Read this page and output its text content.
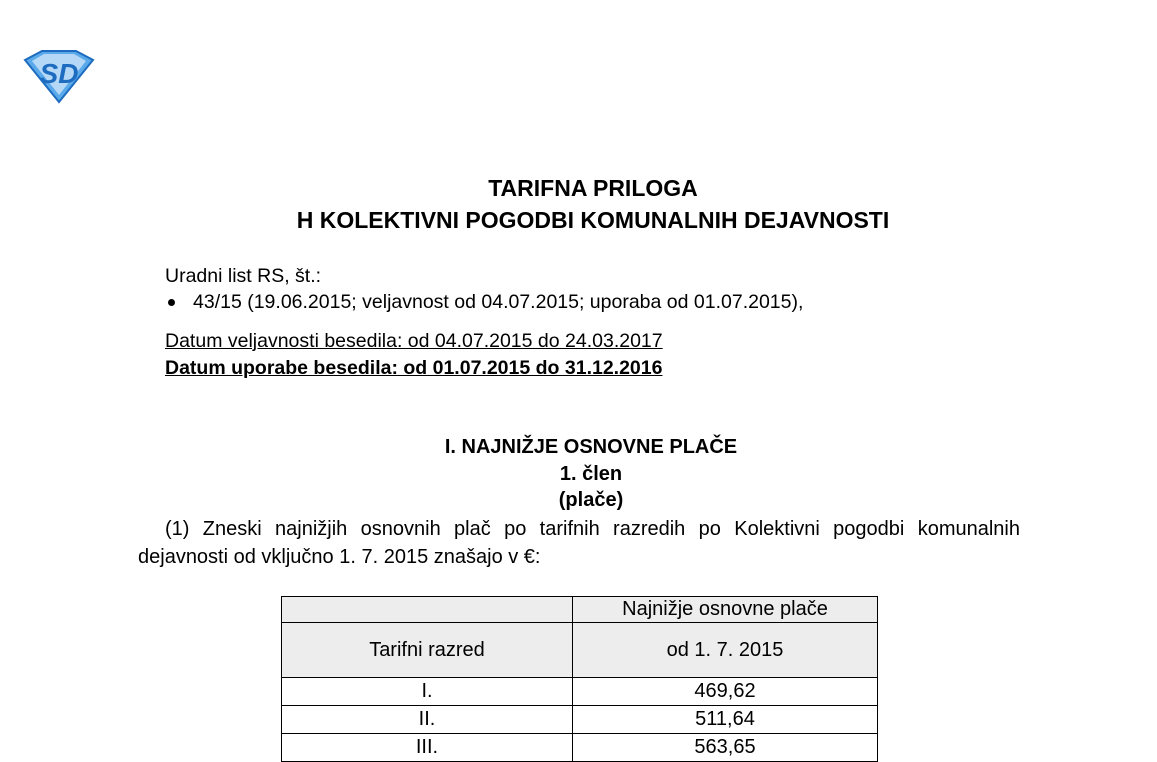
SD
TARIFNA PRILOGA
H KOLEKTIVNI POGODBI KOMUNALNIH DEJAVNOSTI
Uradni list RS, št.:
43/15 (19.06.2015; veljavnost od 04.07.2015; uporaba od 01.07.2015),
Datum veljavnosti besedila: od 04.07.2015 do 24.03.2017
Datum uporabe besedila: od 01.07.2015 do 31.12.2016
I. NAJNIŽJE OSNOVNE PLAČE
1. člen
(plače)
(1) Zneski najnižjih osnovnih plač po tarifnih razredih po Kolektivni pogodbi komunalnih dejavnosti od vključno 1. 7. 2015 znašajo v €:
	Najnižje osnovne plače
Tarifni razred	od 1. 7. 2015
I.	469,62
II.	511,64
III.	563,65
